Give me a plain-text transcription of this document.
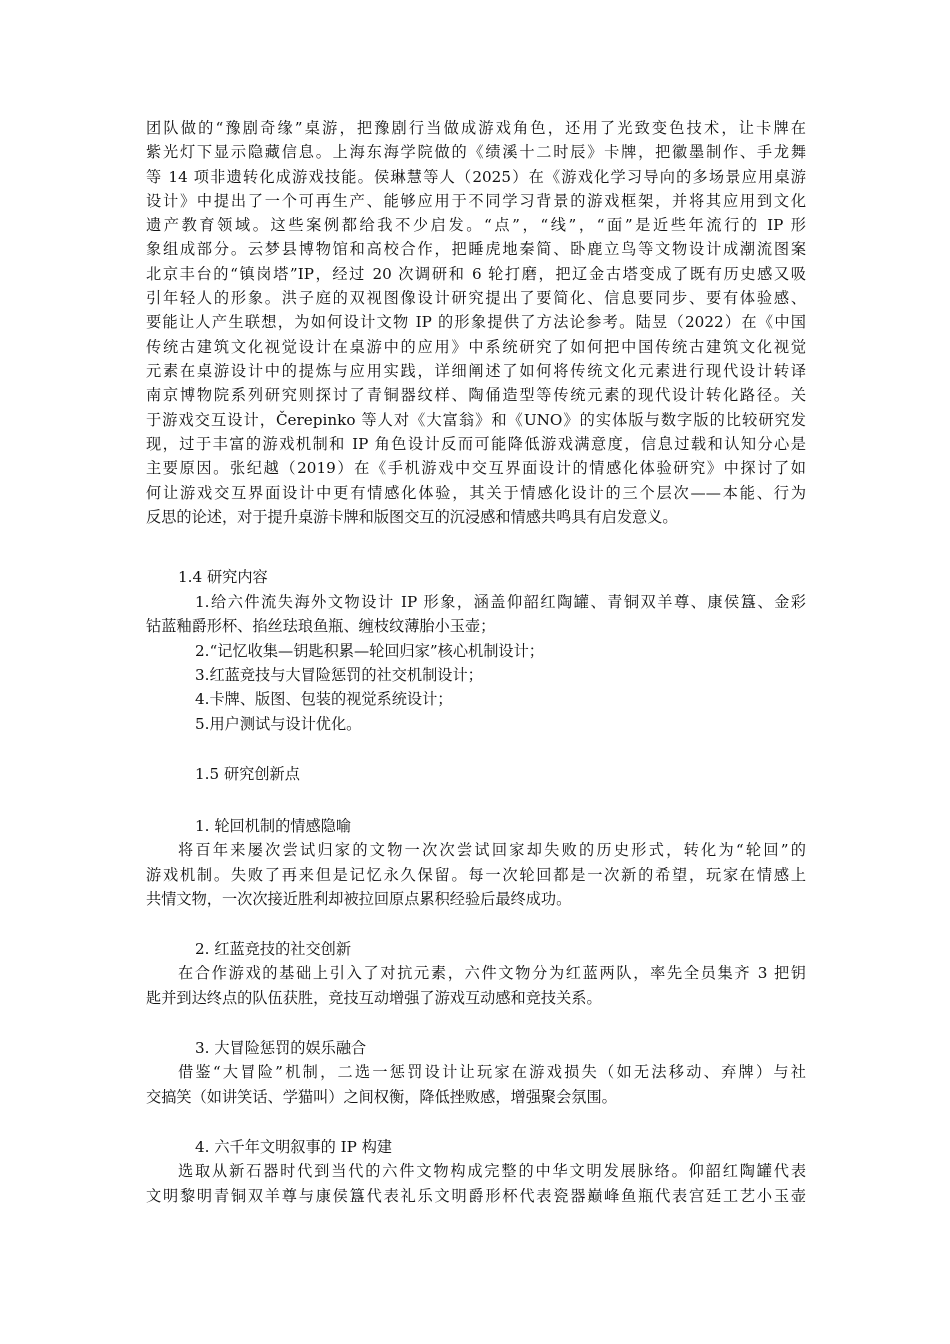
团队做的“豫剧奇缘”桌游，把豫剧行当做成游戏角色，还用了光致变色技术，让卡牌在
紫光灯下显示隐藏信息。上海东海学院做的《绩溪十二时辰》卡牌，把徽墨制作、手龙舞
等 14 项非遗转化成游戏技能。侯琳慧等人（2025）在《游戏化学习导向的多场景应用桌游
设计》中提出了一个可再生产、能够应用于不同学习背景的游戏框架，并将其应用到文化
遗产教育领域。这些案例都给我不少启发。“点”，“线”，“面”是近些年流行的 IP 形
象组成部分。云梦县博物馆和高校合作，把睡虎地秦简、卧鹿立鸟等文物设计成潮流图案
北京丰台的“镇岗塔”IP，经过 20 次调研和 6 轮打磨，把辽金古塔变成了既有历史感又吸
引年轻人的形象。洪子庭的双视图像设计研究提出了要简化、信息要同步、要有体验感、
要能让人产生联想，为如何设计文物 IP 的形象提供了方法论参考。陆昱（2022）在《中国
传统古建筑文化视觉设计在桌游中的应用》中系统研究了如何把中国传统古建筑文化视觉
元素在桌游设计中的提炼与应用实践，详细阐述了如何将传统文化元素进行现代设计转译
南京博物院系列研究则探讨了青铜器纹样、陶俑造型等传统元素的现代设计转化路径。关
于游戏交互设计，Čerepinko 等人对《大富翁》和《UNO》的实体版与数字版的比较研究发
现，过于丰富的游戏机制和 IP 角色设计反而可能降低游戏满意度，信息过载和认知分心是
主要原因。张纪越（2019）在《手机游戏中交互界面设计的情感化体验研究》中探讨了如
何让游戏交互界面设计中更有情感化体验，其关于情感化设计的三个层次——本能、行为
反思的论述，对于提升桌游卡牌和版图交互的沉浸感和情感共鸣具有启发意义。
1.4 研究内容
1.给六件流失海外文物设计 IP 形象，涵盖仰韶红陶罐、青铜双羊尊、康侯簋、金彩
钴蓝釉爵形杯、掐丝珐琅鱼瓶、缠枝纹薄胎小玉壶；
2.“记忆收集—钥匙积累—轮回归家”核心机制设计；
3.红蓝竞技与大冒险惩罚的社交机制设计；
4.卡牌、版图、包装的视觉系统设计；
5.用户测试与设计优化。
1.5 研究创新点
1. 轮回机制的情感隐喻
将百年来屡次尝试归家的文物一次次尝试回家却失败的历史形式，转化为“轮回”的
游戏机制。失败了再来但是记忆永久保留。每一次轮回都是一次新的希望，玩家在情感上
共情文物，一次次接近胜利却被拉回原点累积经验后最终成功。
2. 红蓝竞技的社交创新
在合作游戏的基础上引入了对抗元素，六件文物分为红蓝两队，率先全员集齐 3 把钥
匙并到达终点的队伍获胜，竞技互动增强了游戏互动感和竞技关系。
3. 大冒险惩罚的娱乐融合
借鉴“大冒险”机制，二选一惩罚设计让玩家在游戏损失（如无法移动、弃牌）与社
交搞笑（如讲笑话、学猫叫）之间权衡，降低挫败感，增强聚会氛围。
4. 六千年文明叙事的 IP 构建
选取从新石器时代到当代的六件文物构成完整的中华文明发展脉络。仰韶红陶罐代表
文明黎明青铜双羊尊与康侯簋代表礼乐文明爵形杯代表瓷器巅峰鱼瓶代表宫廷工艺小玉壶
